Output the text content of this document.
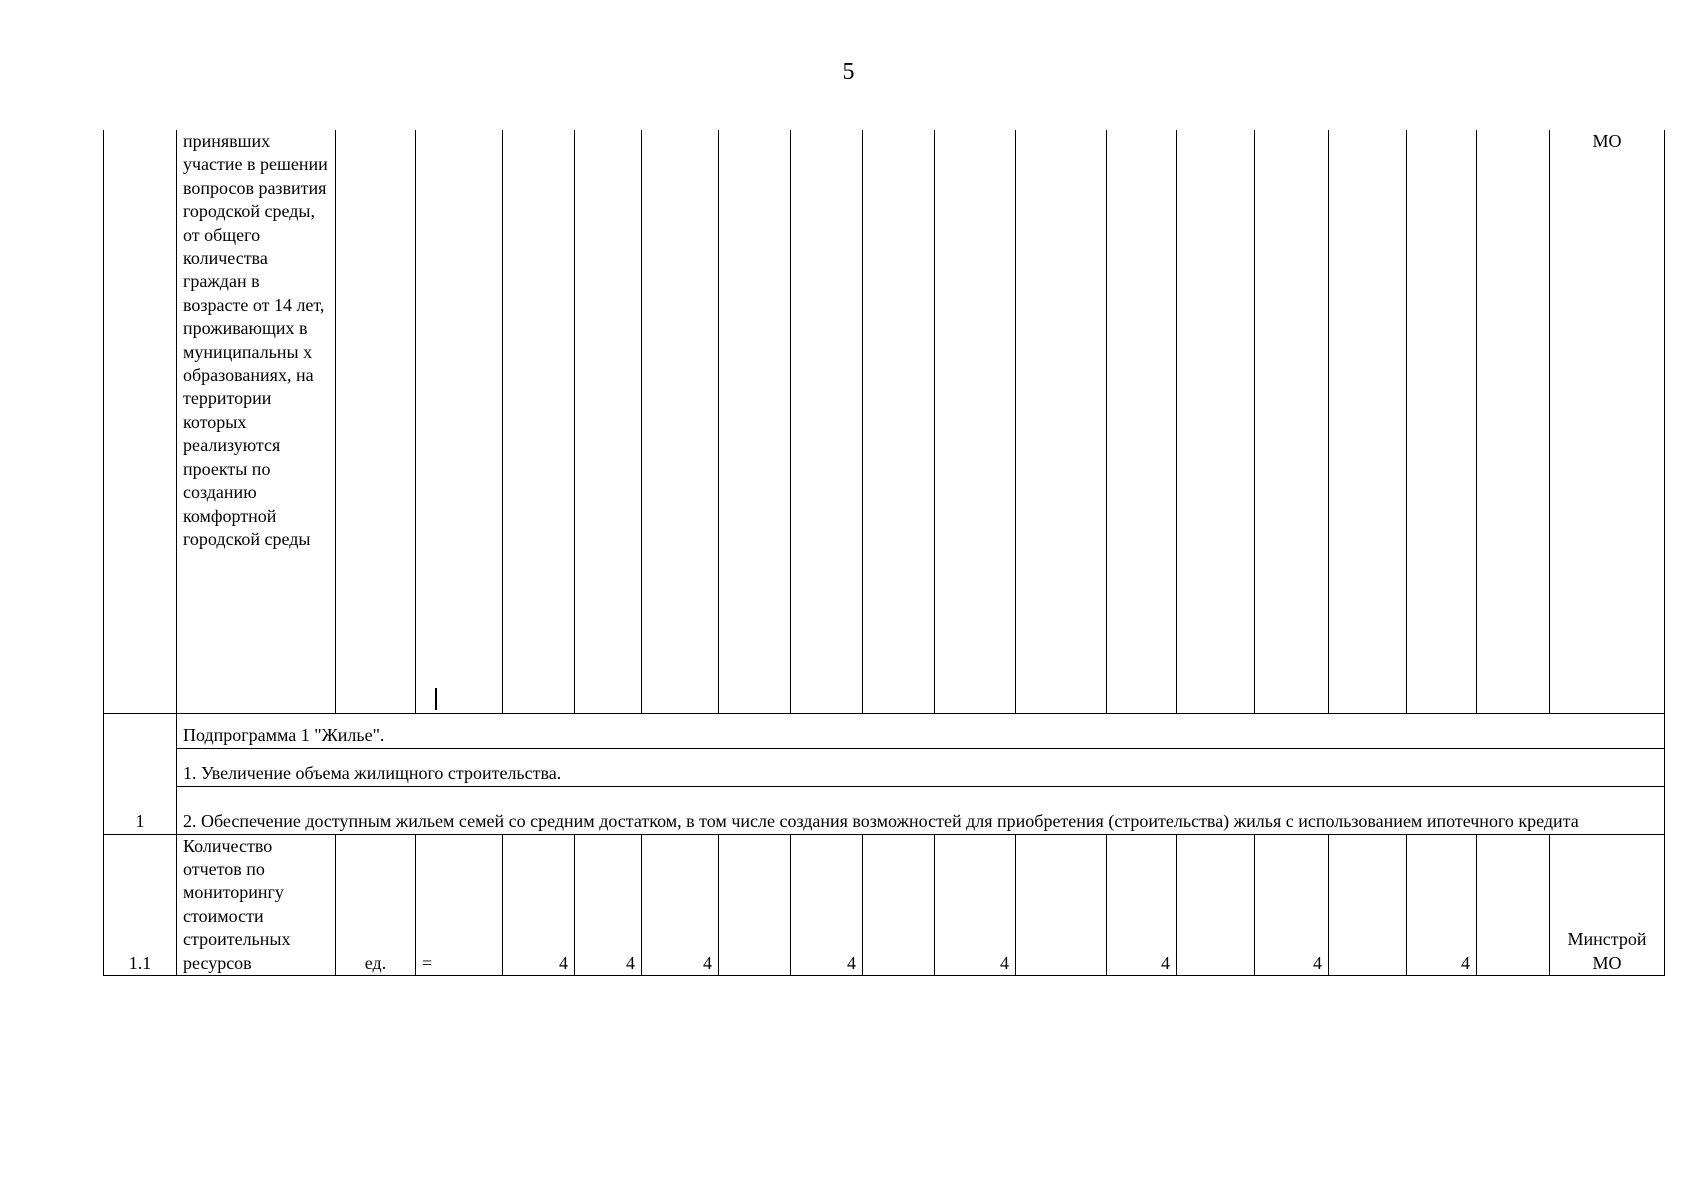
5
	принявших участие в решении вопросов развития городской среды, от общего количества граждан в возрасте от 14 лет, проживающих в муниципальны х образованиях, на территории которых реализуются проекты по созданию комфортной городской среды																	МО
1	Подпрограмма 1 "Жилье".																	
	1. Увеличение объема жилищного строительства.																	
	2. Обеспечение доступным жильем семей со средним достатком, в том числе создания возможностей для приобретения (строительства) жилья с использованием ипотечного кредита																	
1.1	Количество отчетов по мониторингу стоимости строительных ресурсов	ед.	=	4	4	4		4		4		4		4		4		Минстрой МО
